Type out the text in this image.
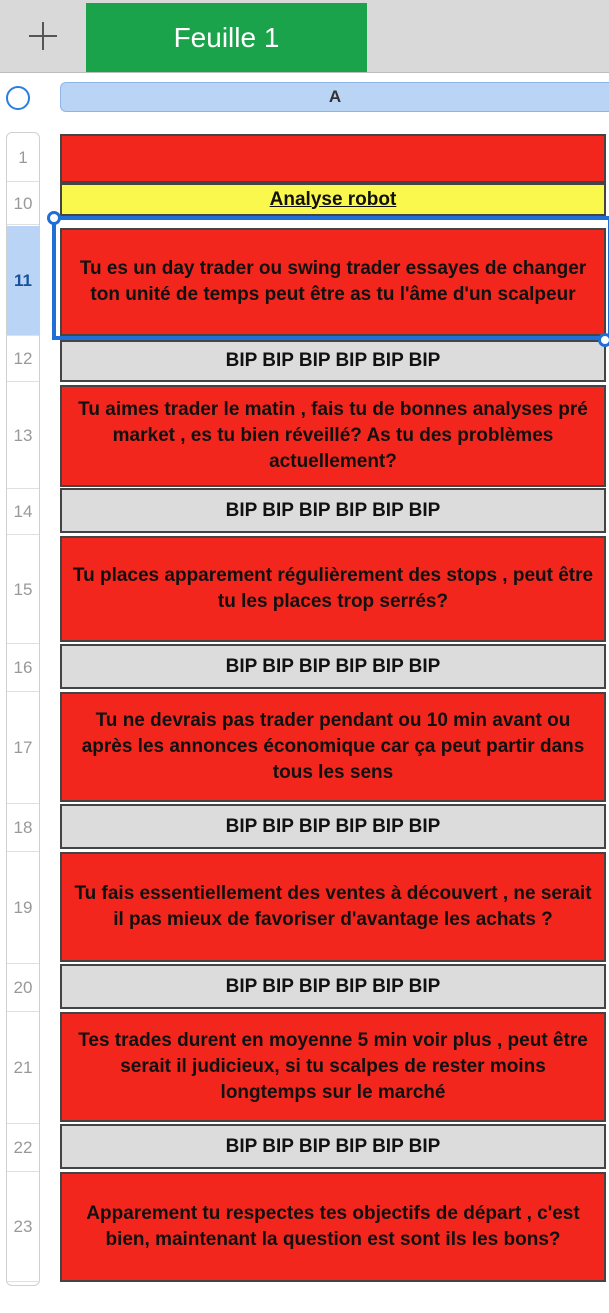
Feuille 1
A
1
10
11
12
13
14
15
16
17
18
19
20
21
22
23
Analyse robot
Tu es un day trader ou swing trader essayes de changer ton unité de temps peut être as tu l'âme d'un scalpeur
BIP BIP BIP BIP BIP BIP
Tu aimes trader le matin , fais tu de bonnes analyses pré market , es tu bien réveillé? As tu des problèmes actuellement?
BIP BIP BIP BIP BIP BIP
Tu places apparement régulièrement des stops , peut être tu les places trop serrés?
BIP BIP BIP BIP BIP BIP
Tu ne devrais pas trader pendant ou 10 min avant ou après les annonces économique car ça peut partir dans tous les sens
BIP BIP BIP BIP BIP BIP
Tu fais essentiellement des ventes à découvert , ne serait il pas mieux de favoriser d'avantage les achats ?
BIP BIP BIP BIP BIP BIP
Tes trades durent en moyenne 5 min voir plus , peut être serait il judicieux, si tu scalpes de rester moins longtemps sur le marché
BIP BIP BIP BIP BIP BIP
Apparement tu respectes tes objectifs de départ , c'est bien, maintenant la question est sont ils les bons?
